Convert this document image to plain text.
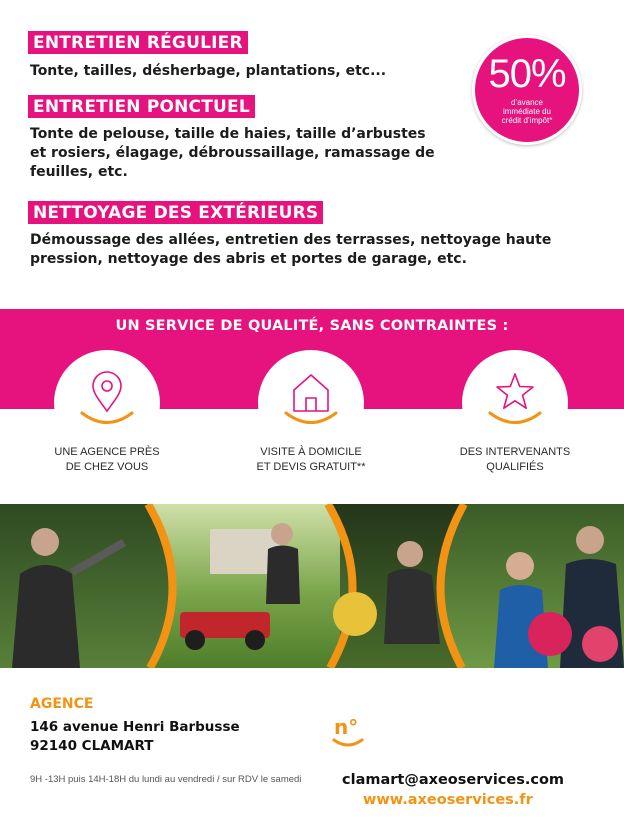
ENTRETIEN RÉGULIER
Tonte, tailles, désherbage, plantations, etc...
ENTRETIEN PONCTUEL
Tonte de pelouse, taille de haies, taille d’arbustes
et rosiers, élagage, débroussaillage, ramassage de
feuilles, etc.
NETTOYAGE DES EXTÉRIEURS
Démoussage des allées, entretien des terrasses, nettoyage haute
pression, nettoyage des abris et portes de garage, etc.
50%
d’avance
immédiate du
crédit d’impôt*
UN SERVICE DE QUALITÉ, SANS CONTRAINTES :
UNE AGENCE PRÈS
DE CHEZ VOUS
VISITE À DOMICILE
ET DEVIS GRATUIT**
DES INTERVENANTS
QUALIFIÉS
AGENCE
146 avenue Henri Barbusse
92140 CLAMART
9H -13H puis 14H-18H du lundi au vendredi / sur RDV le samedi
n°
clamart@axeoservices.com
www.axeoservices.fr
